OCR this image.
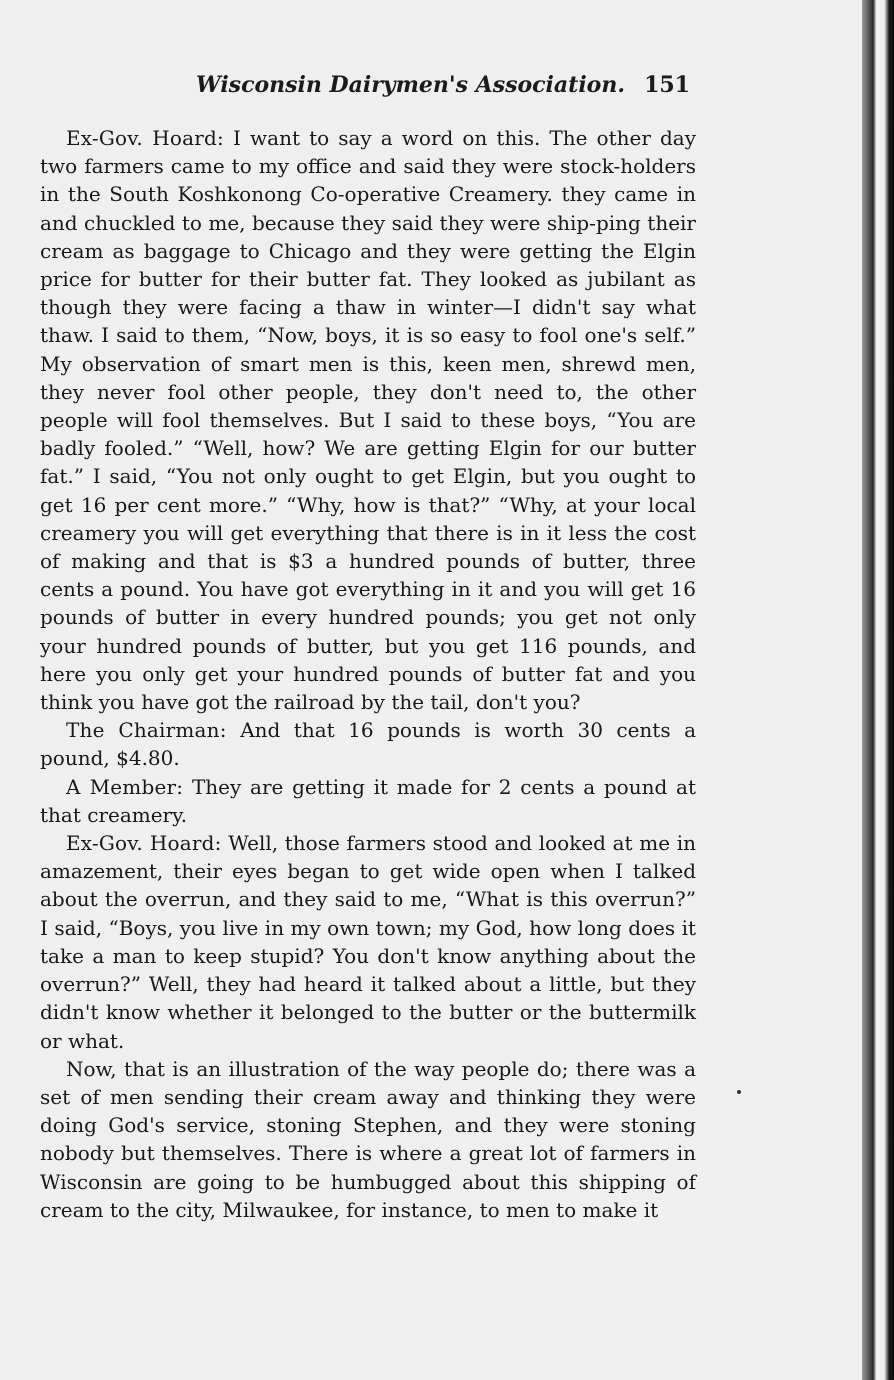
Wisconsin Dairymen's Association. 151

Ex-Gov. Hoard: I want to say a word on this. The other day two farmers came to my office and said they were stock-holders in the South Koshkonong Co-operative Creamery. they came in and chuckled to me, because they said they were ship-ping their cream as baggage to Chicago and they were getting the Elgin price for butter for their butter fat. They looked as jubilant as though they were facing a thaw in winter—I didn't say what thaw. I said to them, “Now, boys, it is so easy to fool one's self.” My observation of smart men is this, keen men, shrewd men, they never fool other people, they don't need to, the other people will fool themselves. But I said to these boys, “You are badly fooled.” “Well, how? We are getting Elgin for our butter fat.” I said, “You not only ought to get Elgin, but you ought to get 16 per cent more.” “Why, how is that?” “Why, at your local creamery you will get everything that there is in it less the cost of making and that is $3 a hundred pounds of butter, three cents a pound. You have got everything in it and you will get 16 pounds of butter in every hundred pounds; you get not only your hundred pounds of butter, but you get 116 pounds, and here you only get your hundred pounds of butter fat and you think you have got the railroad by the tail, don't you?

The Chairman: And that 16 pounds is worth 30 cents a pound, $4.80.

A Member: They are getting it made for 2 cents a pound at that creamery.

Ex-Gov. Hoard: Well, those farmers stood and looked at me in amazement, their eyes began to get wide open when I talked about the overrun, and they said to me, “What is this overrun?” I said, “Boys, you live in my own town; my God, how long does it take a man to keep stupid? You don't know anything about the overrun?” Well, they had heard it talked about a little, but they didn't know whether it belonged to the butter or the buttermilk or what.

Now, that is an illustration of the way people do; there was a set of men sending their cream away and thinking they were doing God's service, stoning Stephen, and they were stoning nobody but themselves. There is where a great lot of farmers in Wisconsin are going to be humbugged about this shipping of cream to the city, Milwaukee, for instance, to men to make it
